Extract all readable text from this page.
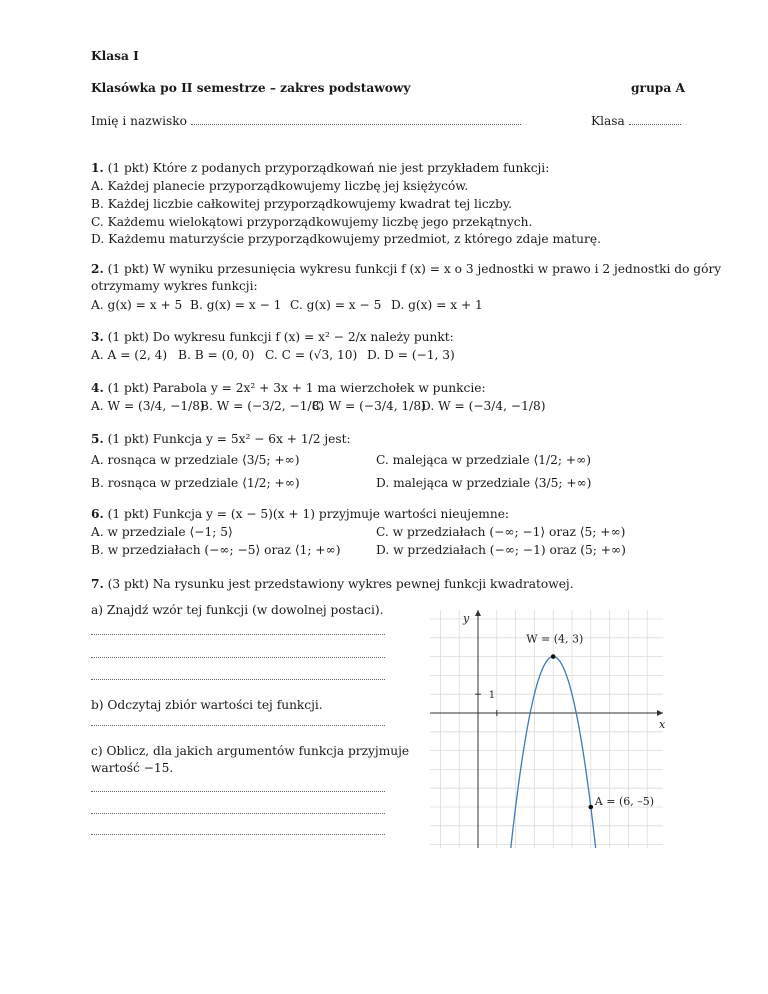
Klasa I
Klasówka po II semestrze – zakres podstawowy	grupa A
Imię i nazwisko	Klasa
1. (1 pkt) Które z podanych przyporządkowań nie jest przykładem funkcji:
A. Każdej planecie przyporządkowujemy liczbę jej księżyców.
B. Każdej liczbie całkowitej przyporządkowujemy kwadrat tej liczby.
C. Każdemu wielokątowi przyporządkowujemy liczbę jego przekątnych.
D. Każdemu maturzyście przyporządkowujemy przedmiot, z którego zdaje maturę.
2. (1 pkt) W wyniku przesunięcia wykresu funkcji f (x) = x o 3 jednostki w prawo i 2 jednostki do góry
otrzymamy wykres funkcji:
A. g(x) = x + 5 B. g(x) = x − 1 C. g(x) = x − 5 D. g(x) = x + 1
3. (1 pkt) Do wykresu funkcji f (x) = x² − 2/x należy punkt:
A. A = (2, 4) B. B = (0, 0) C. C = (√3, 10) D. D = (−1, 3)
4. (1 pkt) Parabola y = 2x² + 3x + 1 ma wierzchołek w punkcie:
A. W = (3/4, −1/8)
B. W = (−3/2, −1/8)
C. W = (−3/4, 1/8)
D. W = (−3/4, −1/8)
5. (1 pkt) Funkcja y = 5x² − 6x + 1/2 jest:
A. rosnąca w przedziale ⟨3/5; +∞)	C. malejąca w przedziale ⟨1/2; +∞)
B. rosnąca w przedziale ⟨1/2; +∞)	D. malejąca w przedziale ⟨3/5; +∞)
6. (1 pkt) Funkcja y = (x − 5)(x + 1) przyjmuje wartości nieujemne:
A. w przedziale ⟨−1; 5⟩	C. w przedziałach (−∞; −1⟩ oraz ⟨5; +∞)
B. w przedziałach (−∞; −5⟩ oraz ⟨1; +∞)	D. w przedziałach (−∞; −1) oraz (5; +∞)
7. (3 pkt) Na rysunku jest przedstawiony wykres pewnej funkcji kwadratowej.
a) Znajdź wzór tej funkcji (w dowolnej postaci).
b) Odczytaj zbiór wartości tej funkcji.
c) Oblicz, dla jakich argumentów funkcja przyjmuje
wartość −15.
W = (4, 3)
A = (6, –5)
1
y
x
